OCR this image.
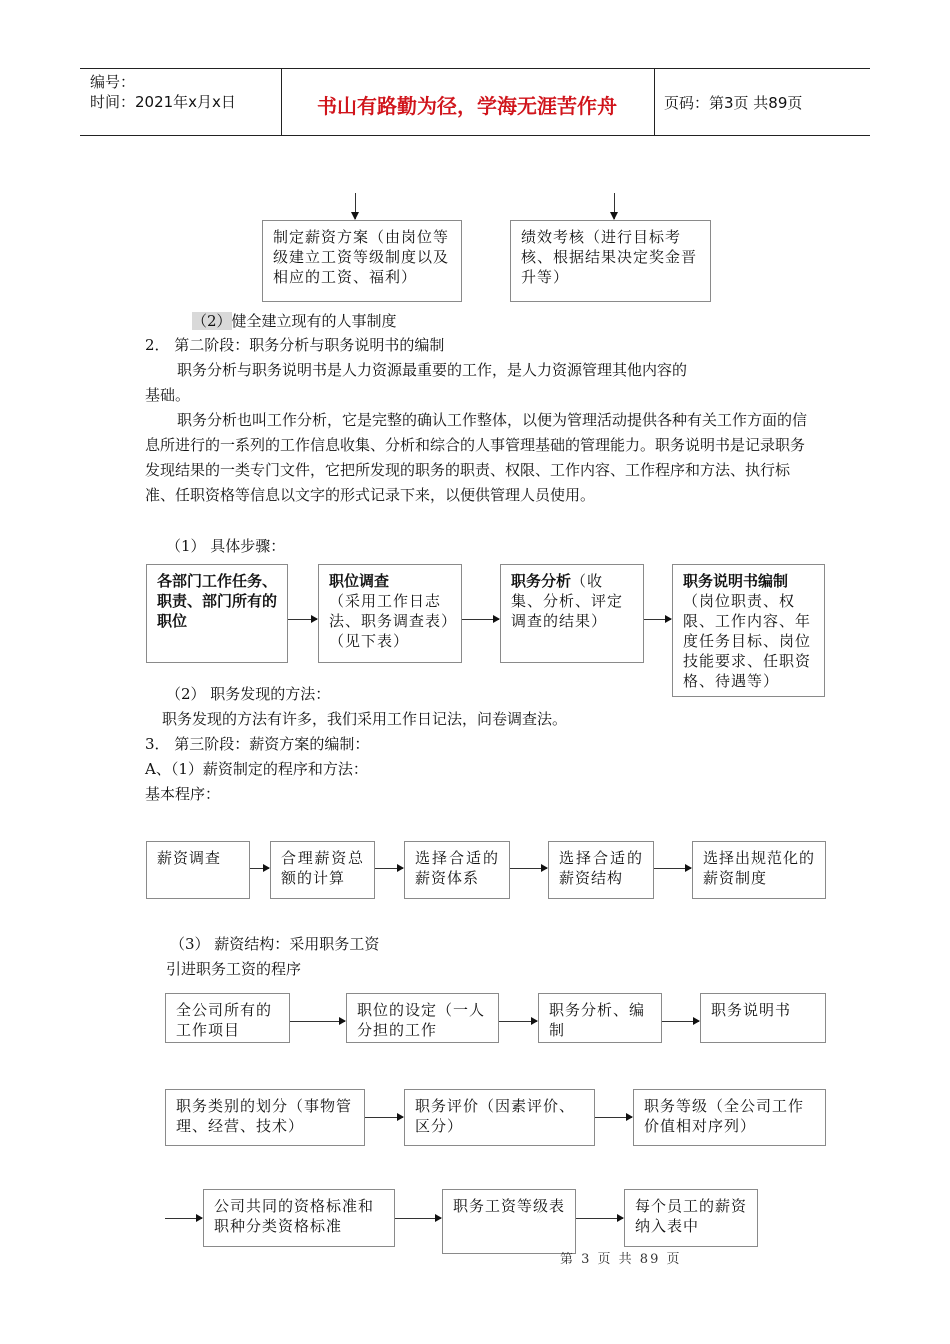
编号：
时间：2021年x月x日	书山有路勤为径，学海无涯苦作舟	页码：第3页 共89页
制定薪资方案（由岗位等级建立工资等级制度以及相应的工资、福利）
绩效考核（进行目标考核、根据结果决定奖金晋升等）
（2）健全建立现有的人事制度
2． 第二阶段：职务分析与职务说明书的编制
职务分析与职务说明书是人力资源最重要的工作，是人力资源管理其他内容的
基础。
职务分析也叫工作分析，它是完整的确认工作整体，以便为管理活动提供各种有关工作方面的信息所进行的一系列的工作信息收集、分析和综合的人事管理基础的管理能力。职务说明书是记录职务发现结果的一类专门文件，它把所发现的职务的职责、权限、工作内容、工作程序和方法、执行标准、任职资格等信息以文字的形式记录下来，以便供管理人员使用。
（1） 具体步骤：
各部门工作任务、职责、部门所有的职位
职位调查
（采用工作日志法、职务调查表）（见下表）
职务分析（收集、分析、评定调查的结果）
职务说明书编制
（岗位职责、权限、工作内容、年度任务目标、岗位技能要求、任职资格、待遇等）
（2） 职务发现的方法：
职务发现的方法有许多，我们采用工作日记法，问卷调查法。
3． 第三阶段：薪资方案的编制：
A、（1）薪资制定的程序和方法：
基本程序：
薪资调查	合理薪资总额的计算
选择合适的薪资体系
选择合适的薪资结构
选择出规范化的薪资制度
（3） 薪资结构：采用职务工资
引进职务工资的程序
全公司所有的工作项目
职位的设定（一人分担的工作
职务分析、编制
职务说明书
职务类别的划分（事物管理、经营、技术）
职务评价（因素评价、区分）
职务等级（全公司工作价值相对序列）
公司共同的资格标准和职种分类资格标准
职务工资等级表	每个员工的薪资纳入表中
第 3 页 共 89 页
